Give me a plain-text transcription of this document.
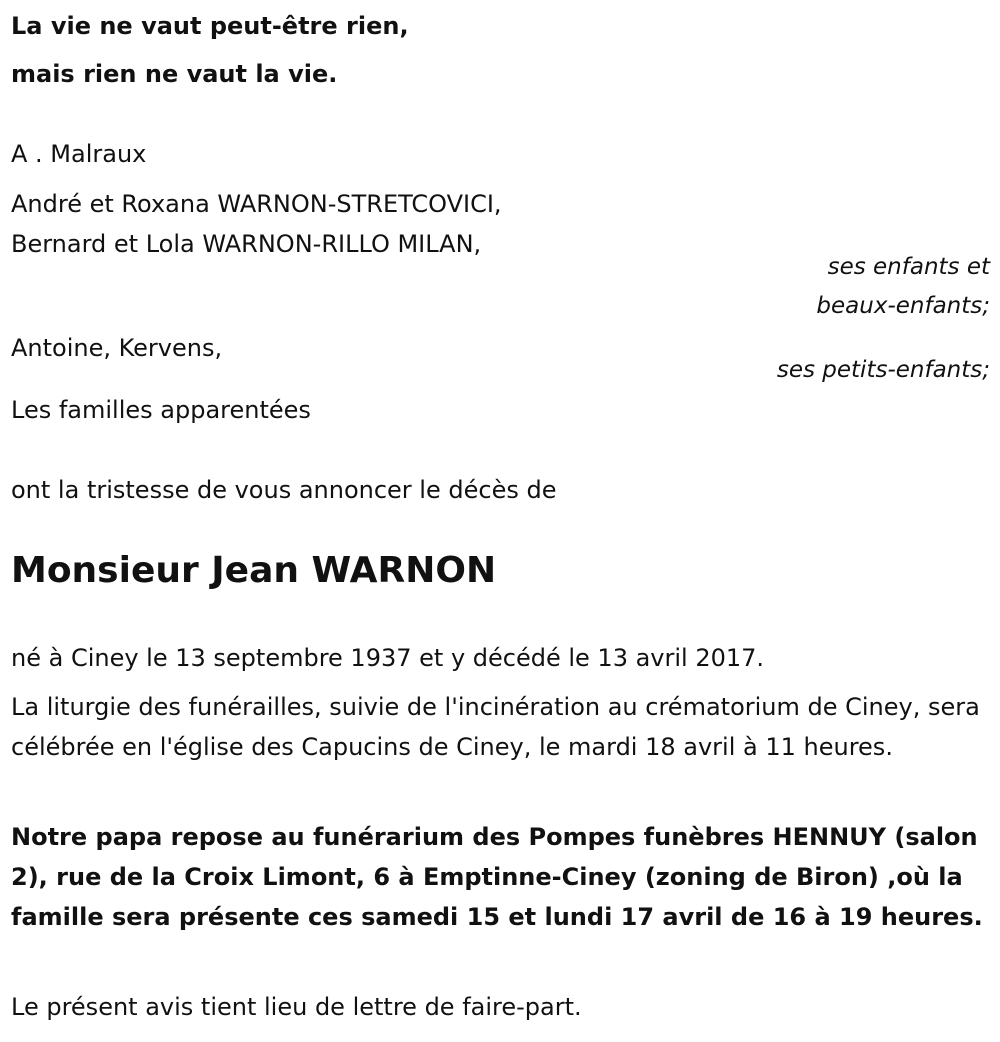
La vie ne vaut peut-être rien,

mais rien ne vaut la vie.

A . Malraux

André et Roxana WARNON-STRETCOVICI,

Bernard et Lola WARNON-RILLO MILAN,

ses enfants et

beaux-enfants;

Antoine, Kervens,

ses petits-enfants;

Les familles apparentées

ont la tristesse de vous annoncer le décès de

Monsieur Jean WARNON

né à Ciney le 13 septembre 1937 et y décédé le 13 avril 2017.

La liturgie des funérailles, suivie de l'incinération au crématorium de Ciney, sera célébrée en l'église des Capucins de Ciney, le mardi 18 avril à 11 heures.

Notre papa repose au funérarium des Pompes funèbres HENNUY (salon 2), rue de la Croix Limont, 6 à Emptinne-Ciney (zoning de Biron) ,où la famille sera présente ces samedi 15 et lundi 17 avril de 16 à 19 heures.

Le présent avis tient lieu de lettre de faire-part.
